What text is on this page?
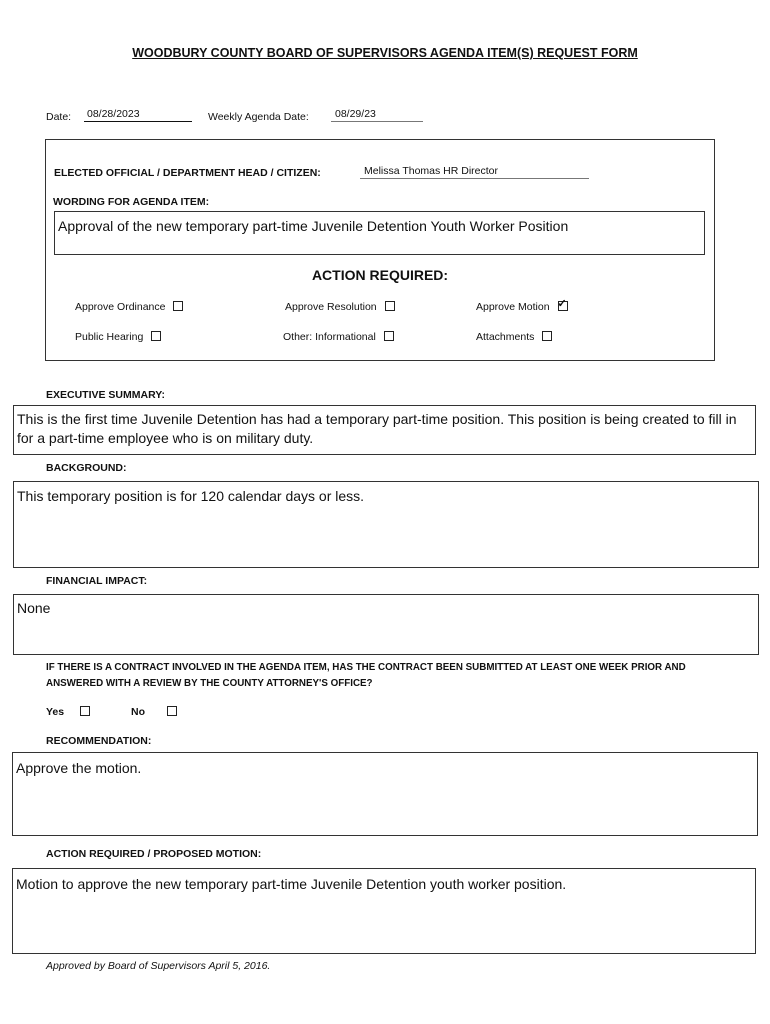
WOODBURY COUNTY BOARD OF SUPERVISORS AGENDA ITEM(S) REQUEST FORM
Date: 08/28/2023	Weekly Agenda Date:	08/29/23
ELECTED OFFICIAL / DEPARTMENT HEAD / CITIZEN:	Melissa Thomas HR Director
WORDING FOR AGENDA ITEM:
Approval of the new temporary part-time Juvenile Detention Youth Worker Position
ACTION REQUIRED:
Approve Ordinance	Approve Resolution	Approve Motion✓
Public Hearing	Other: Informational	Attachments
EXECUTIVE SUMMARY:
This is the first time Juvenile Detention has had a temporary part-time position. This position is being created to fill in for a part-time employee who is on military duty.
BACKGROUND:
This temporary position is for 120 calendar days or less.
FINANCIAL IMPACT:
None
IF THERE IS A CONTRACT INVOLVED IN THE AGENDA ITEM, HAS THE CONTRACT BEEN SUBMITTED AT LEAST ONE WEEK PRIOR AND ANSWERED WITH A REVIEW BY THE COUNTY ATTORNEY'S OFFICE?
Yes	No
RECOMMENDATION:
Approve the motion.
ACTION REQUIRED / PROPOSED MOTION:
Motion to approve the new temporary part-time Juvenile Detention youth worker position.
Approved by Board of Supervisors April 5, 2016.
